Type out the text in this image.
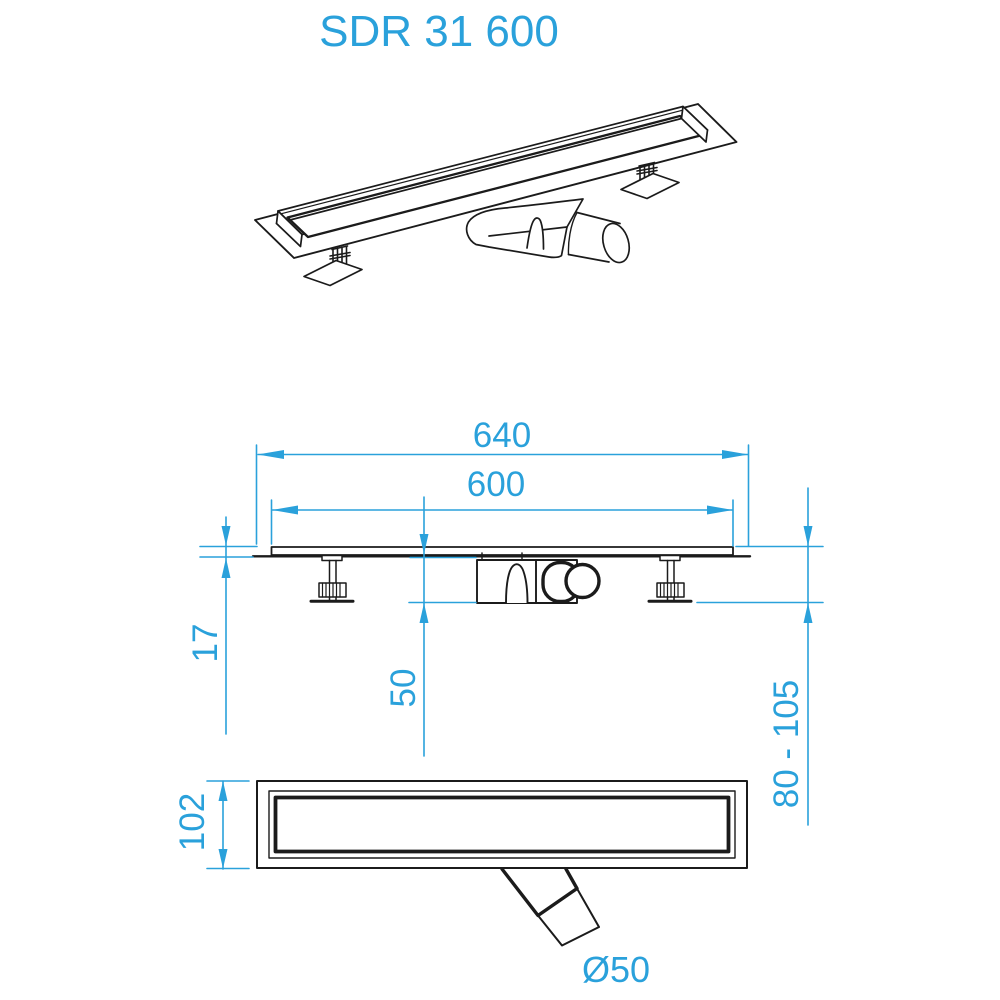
SDR 31 600
640
600
17
50	80 - 105
102
Ø50
